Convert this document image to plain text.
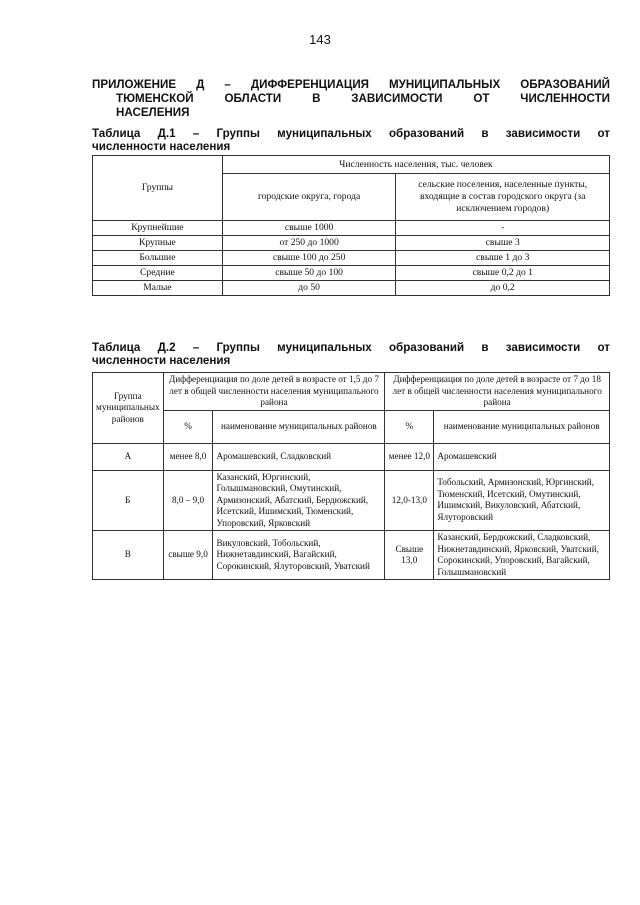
143
ПРИЛОЖЕНИЕ Д – ДИФФЕРЕНЦИАЦИЯ МУНИЦИПАЛЬНЫХ ОБРАЗОВАНИЙ
ТЮМЕНСКОЙ ОБЛАСТИ В ЗАВИСИМОСТИ ОТ ЧИСЛЕННОСТИ
НАСЕЛЕНИЯ
Таблица Д.1 – Группы муниципальных образований в зависимости от
численности населения
Группы	Численность населения, тыс. человек	
	городские округа, города	сельские поселения, населенные пункты, входящие в состав городского округа (за исключением городов)
Крупнейшие	свыше 1000	-
Крупные	от 250 до 1000	свыше 3
Большие	свыше 100 до 250	свыше 1 до 3
Средние	свыше 50 до 100	свыше 0,2 до 1
Малые	до 50	до 0,2
Таблица Д.2 – Группы муниципальных образований в зависимости от
численности населения
Группа муниципальных районов	Дифференциация по доле детей в возрасте от 1,5 до 7 лет в общей численности населения муниципального района		Дифференциация по доле детей в возрасте от 7 до 18 лет в общей численности населения муниципального района	
	%	наименование муниципальных районов	%	наименование муниципальных районов
А	менее 8,0	Аромашевский, Сладковский	менее 12,0	Аромашевский
Б	8,0 – 9,0	Казанский, Юргинский, Голышмановский, Омутинский, Армизонский, Абатский, Бердюжский, Исетский, Ишимский, Тюменский, Упоровский, Ярковский	12,0-13,0	Тобольский, Армизонский, Юргинский, Тюменский, Исетский, Омутинский, Ишимский, Викуловский, Абатский, Ялуторовский
В	свыше 9,0	Викуловский, Тобольский, Нижнетавдинский, Вагайский, Сорокинский, Ялуторовский, Уватский	Свыше 13,0	Казанский, Бердюжский, Сладковский, Нижнетавдинский, Ярковский, Уватский, Сорокинский, Упоровский, Вагайский, Голышмановский
